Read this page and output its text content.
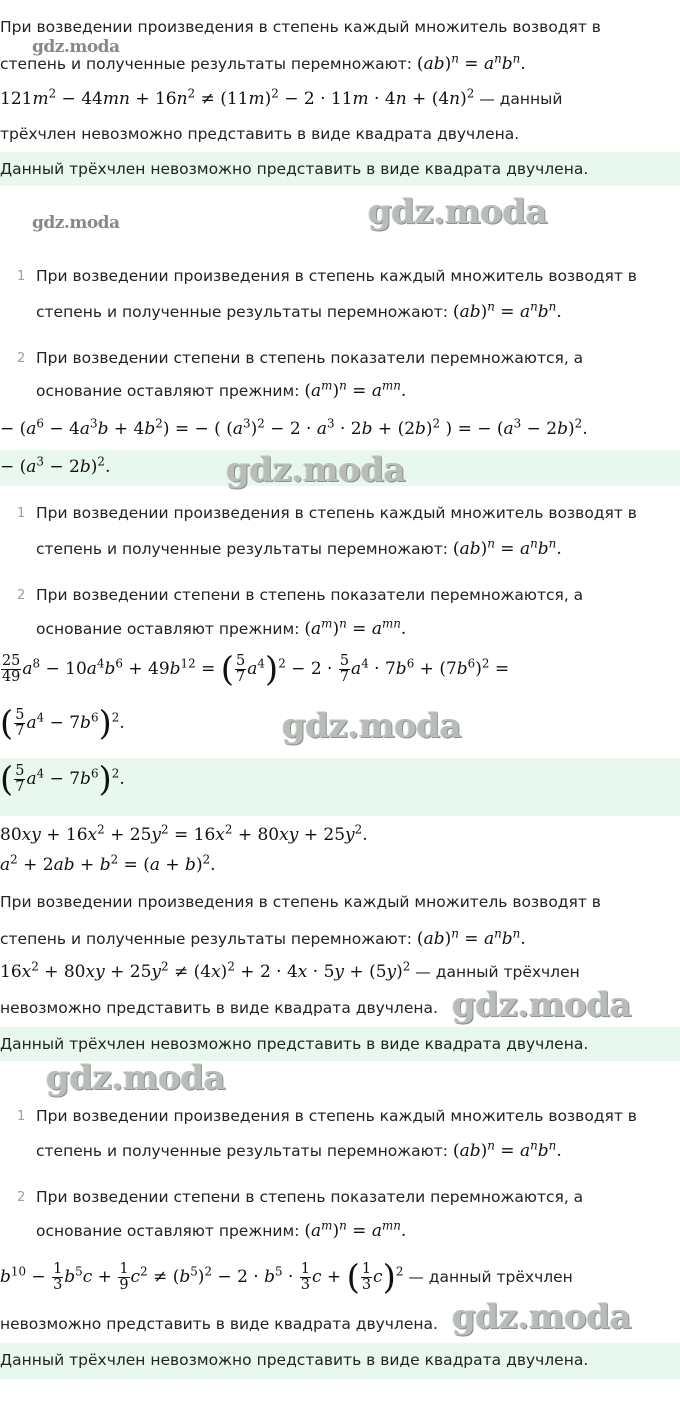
При возведении произведения в степень каждый множитель возводят в
gdz.moda
степень и полученные результаты перемножают: $(ab)^n = a^nb^n$.
$121m^2 - 44mn + 16n^2 \ne (11m)^2 - 2 \cdot 11m \cdot 4n + (4n)^2$ — данный
трёхчлен невозможно представить в виде квадрата двучлена.
Данный трёхчлен невозможно представить в виде квадрата двучлена.
gdz.moda	gdz.moda
1 При возведении произведения в степень каждый множитель возводят в
степень и полученные результаты перемножают: $(ab)^n = a^nb^n$.
2 При возведении степени в степень показатели перемножаются, а
основание оставляют прежним: $(a^m)^n = a^{mn}$.
− $(a^6 - 4a^3b + 4b^2)$ = − ( $(a^3)^2 - 2 \cdot a^3 \cdot 2b + (2b)^2$ ) = − $(a^3 - 2b)^2$.
− $(a^3 - 2b)^2$.	gdz.moda
1 При возведении произведения в степень каждый множитель возводят в
степень и полученные результаты перемножают: $(ab)^n = a^nb^n$.
2 При возведении степени в степень показатели перемножаются, а
основание оставляют прежним: $(a^m)^n = a^{mn}$.
$\frac{25}{49} a^8 - 10a^4b^6 + 49b^{12}$ = ( $\frac{5}{7} a^4)^2 - 2 \cdot \frac{5}{7} a^4 \cdot 7b^6 + (7b^6)^2$ =
( $\frac{5}{7} a^4 - 7b^6)^2$.	gdz.moda
( $\frac{5}{7} a^4 - 7b^6)^2$.
$80xy + 16x^2 + 25y^2 = 16x^2 + 80xy + 25y^2$.
$a^2 + 2ab + b^2 = (a + b)^2$.
При возведении произведения в степень каждый множитель возводят в
степень и полученные результаты перемножают: $(ab)^n = a^nb^n$.
$16x^2 + 80xy + 25y^2 \ne (4x)^2 + 2 \cdot 4x \cdot 5y + (5y)^2$ — данный трёхчлен
невозможно представить в виде квадрата двучлена. gdz.moda
Данный трёхчлен невозможно представить в виде квадрата двучлена.
gdz.moda
1 При возведении произведения в степень каждый множитель возводят в
степень и полученные результаты перемножают: $(ab)^n = a^nb^n$.
2 При возведении степени в степень показатели перемножаются, а
основание оставляют прежним: $(a^m)^n = a^{mn}$.
$b^{10} - \frac{1}{3} b^5c + \frac{1}{9} c^2 \ne (b^5)^2 - 2 \cdot b^5 \cdot \frac{1}{3}$ c + ( $\frac{1}{3} c)^2$ — данный трёхчлен
невозможно представить в виде квадрата двучлена. gdz.moda
Данный трёхчлен невозможно представить в виде квадрата двучлена.
